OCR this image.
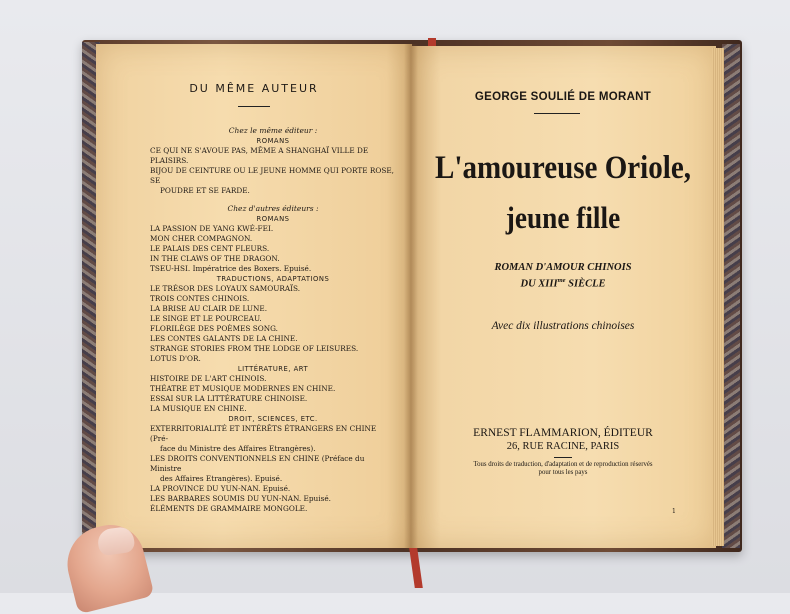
DU MÊME AUTEUR
Chez le même éditeur :
ROMANS
CE QUI NE S'AVOUE PAS, MÊME A SHANGHAÏ VILLE DE PLAISIRS.
BIJOU DE CEINTURE OU LE JEUNE HOMME QUI PORTE ROSE, SE
POUDRE ET SE FARDE.
Chez d'autres éditeurs :
ROMANS
LA PASSION DE YANG KWÉ-FEI.
MON CHER COMPAGNON.
LE PALAIS DES CENT FLEURS.
IN THE CLAWS OF THE DRAGON.
TSEU-HSI. Impératrice des Boxers. Epuisé.
TRADUCTIONS, ADAPTATIONS
LE TRÉSOR DES LOYAUX SAMOURAÏS.
TROIS CONTES CHINOIS.
LA BRISE AU CLAIR DE LUNE.
LE SINGE ET LE POURCEAU.
FLORILÈGE DES POÈMES SONG.
LES CONTES GALANTS DE LA CHINE.
STRANGE STORIES FROM THE LODGE OF LEISURES.
LOTUS D'OR.
LITTÉRATURE, ART
HISTOIRE DE L'ART CHINOIS.
THÉATRE ET MUSIQUE MODERNES EN CHINE.
ESSAI SUR LA LITTÉRATURE CHINOISE.
LA MUSIQUE EN CHINE.
DROIT, SCIENCES, ETC.
EXTERRITORIALITÉ ET INTÉRÊTS ÉTRANGERS EN CHINE (Pré-
face du Ministre des Affaires Etrangères).
LES DROITS CONVENTIONNELS EN CHINE (Préface du Ministre
des Affaires Etrangères). Epuisé.
LA PROVINCE DU YUN-NAN. Epuisé.
LES BARBARES SOUMIS DU YUN-NAN. Epuisé.
ÉLÉMENTS DE GRAMMAIRE MONGOLE.
GEORGE SOULIÉ DE MORANT
L'amoureuse Oriole,
jeune fille
ROMAN D'AMOUR CHINOIS
DU $XIII^{me}$ SIÈCLE
Avec dix illustrations chinoises
ERNEST FLAMMARION, ÉDITEUR
26, RUE RACINE, PARIS
Tous droits de traduction, d'adaptation et de reproduction réservés
pour tous les pays
1
